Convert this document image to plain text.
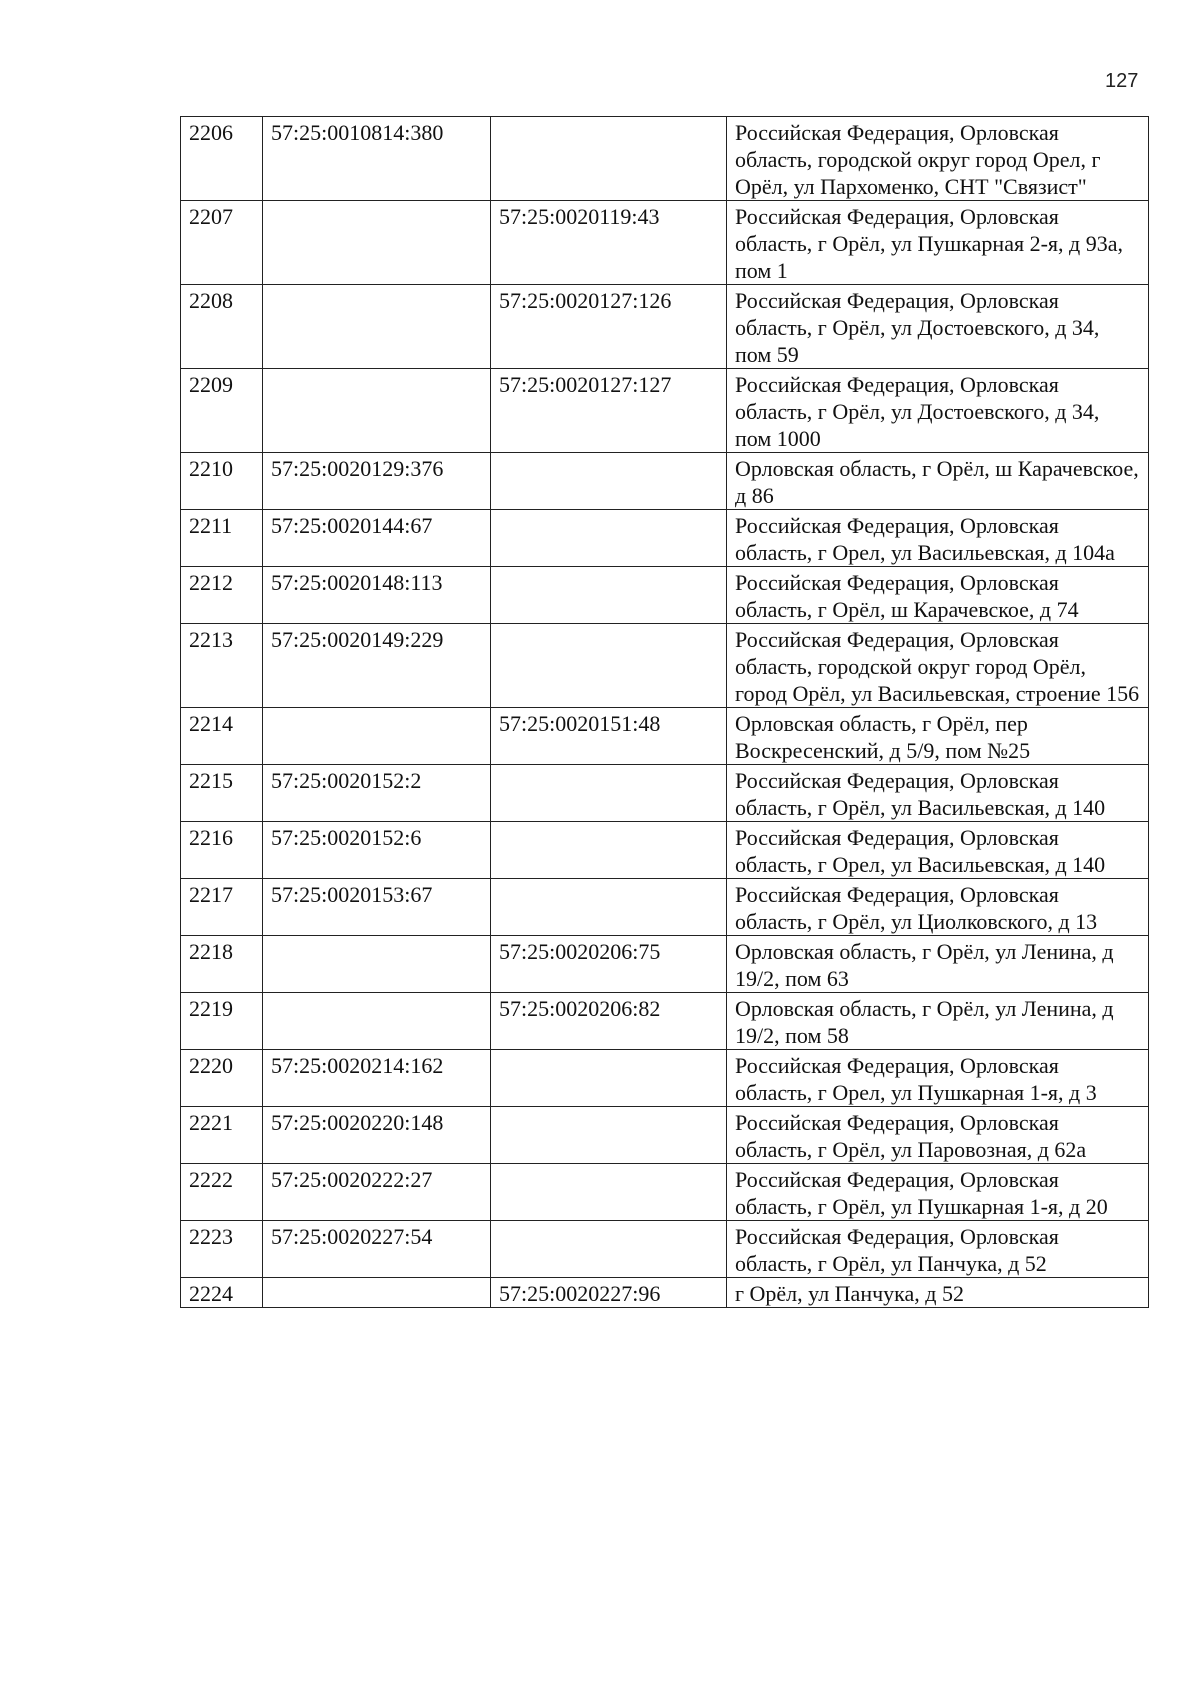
127
2206	57:25:0010814:380		Российская Федерация, Орловская область, городской округ город Орел, г Орёл, ул Пархоменко, СНТ "Связист"
2207		57:25:0020119:43	Российская Федерация, Орловская область, г Орёл, ул Пушкарная 2-я, д 93а, пом 1
2208		57:25:0020127:126	Российская Федерация, Орловская область, г Орёл, ул Достоевского, д 34, пом 59
2209		57:25:0020127:127	Российская Федерация, Орловская область, г Орёл, ул Достоевского, д 34, пом 1000
2210	57:25:0020129:376		Орловская область, г Орёл, ш Карачевское, д 86
2211	57:25:0020144:67		Российская Федерация, Орловская область, г Орел, ул Васильевская, д 104а
2212	57:25:0020148:113		Российская Федерация, Орловская область, г Орёл, ш Карачевское, д 74
2213	57:25:0020149:229		Российская Федерация, Орловская область, городской округ город Орёл, город Орёл, ул Васильевская, строение 156
2214		57:25:0020151:48	Орловская область, г Орёл, пер Воскресенский, д 5/9, пом №25
2215	57:25:0020152:2		Российская Федерация, Орловская область, г Орёл, ул Васильевская, д 140
2216	57:25:0020152:6		Российская Федерация, Орловская область, г Орел, ул Васильевская, д 140
2217	57:25:0020153:67		Российская Федерация, Орловская область, г Орёл, ул Циолковского, д 13
2218		57:25:0020206:75	Орловская область, г Орёл, ул Ленина, д 19/2, пом 63
2219		57:25:0020206:82	Орловская область, г Орёл, ул Ленина, д 19/2, пом 58
2220	57:25:0020214:162		Российская Федерация, Орловская область, г Орел, ул Пушкарная 1-я, д 3
2221	57:25:0020220:148		Российская Федерация, Орловская область, г Орёл, ул Паровозная, д 62а
2222	57:25:0020222:27		Российская Федерация, Орловская область, г Орёл, ул Пушкарная 1-я, д 20
2223	57:25:0020227:54		Российская Федерация, Орловская область, г Орёл, ул Панчука, д 52
2224		57:25:0020227:96	г Орёл, ул Панчука, д 52
